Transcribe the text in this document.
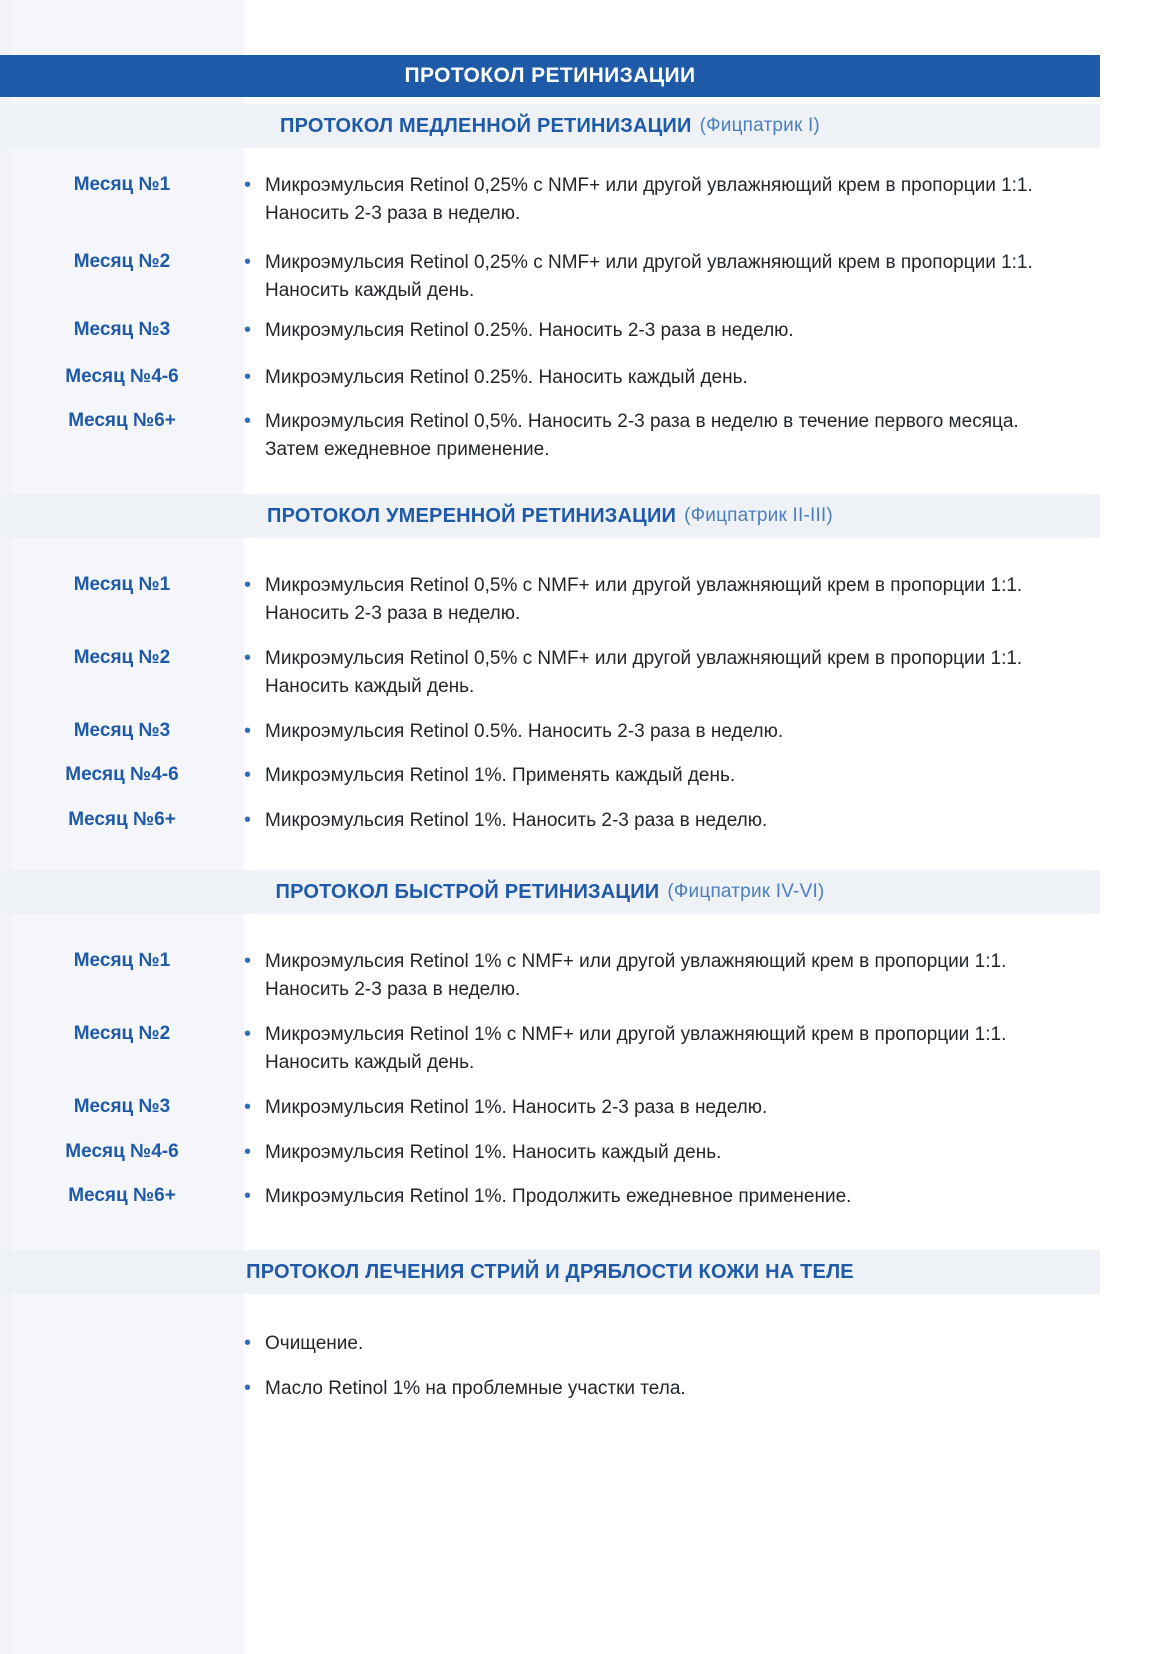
ПРОТОКОЛ РЕТИНИЗАЦИИ
ПРОТОКОЛ МЕДЛЕННОЙ РЕТИНИЗАЦИИ (Фицпатрик I)
Месяц №1	• Микроэмульсия Retinol 0,25% с NMF+ или другой увлажняющий крем в пропорции 1:1. Наносить 2-3 раза в неделю.
Месяц №2	• Микроэмульсия Retinol 0,25% с NMF+ или другой увлажняющий крем в пропорции 1:1. Наносить каждый день.
Месяц №3	• Микроэмульсия Retinol 0.25%. Наносить 2-3 раза в неделю.
Месяц №4-6	• Микроэмульсия Retinol 0.25%. Наносить каждый день.
Месяц №6+	• Микроэмульсия Retinol 0,5%. Наносить 2-3 раза в неделю в течение первого месяца. Затем ежедневное применение.
ПРОТОКОЛ УМЕРЕННОЙ РЕТИНИЗАЦИИ (Фицпатрик II-III)
Месяц №1	• Микроэмульсия Retinol 0,5% с NMF+ или другой увлажняющий крем в пропорции 1:1. Наносить 2-3 раза в неделю.
Месяц №2	• Микроэмульсия Retinol 0,5% с NMF+ или другой увлажняющий крем в пропорции 1:1. Наносить каждый день.
Месяц №3	• Микроэмульсия Retinol 0.5%. Наносить 2-3 раза в неделю.
Месяц №4-6	• Микроэмульсия Retinol 1%. Применять каждый день.
Месяц №6+	• Микроэмульсия Retinol 1%. Наносить 2-3 раза в неделю.
ПРОТОКОЛ БЫСТРОЙ РЕТИНИЗАЦИИ (Фицпатрик IV-VI)
Месяц №1	• Микроэмульсия Retinol 1% с NMF+ или другой увлажняющий крем в пропорции 1:1. Наносить 2-3 раза в неделю.
Месяц №2	• Микроэмульсия Retinol 1% с NMF+ или другой увлажняющий крем в пропорции 1:1. Наносить каждый день.
Месяц №3	• Микроэмульсия Retinol 1%. Наносить 2-3 раза в неделю.
Месяц №4-6	• Микроэмульсия Retinol 1%. Наносить каждый день.
Месяц №6+	• Микроэмульсия Retinol 1%. Продолжить ежедневное применение.
ПРОТОКОЛ ЛЕЧЕНИЯ СТРИЙ И ДРЯБЛОСТИ КОЖИ НА ТЕЛЕ
• Очищение.
• Масло Retinol 1% на проблемные участки тела.
